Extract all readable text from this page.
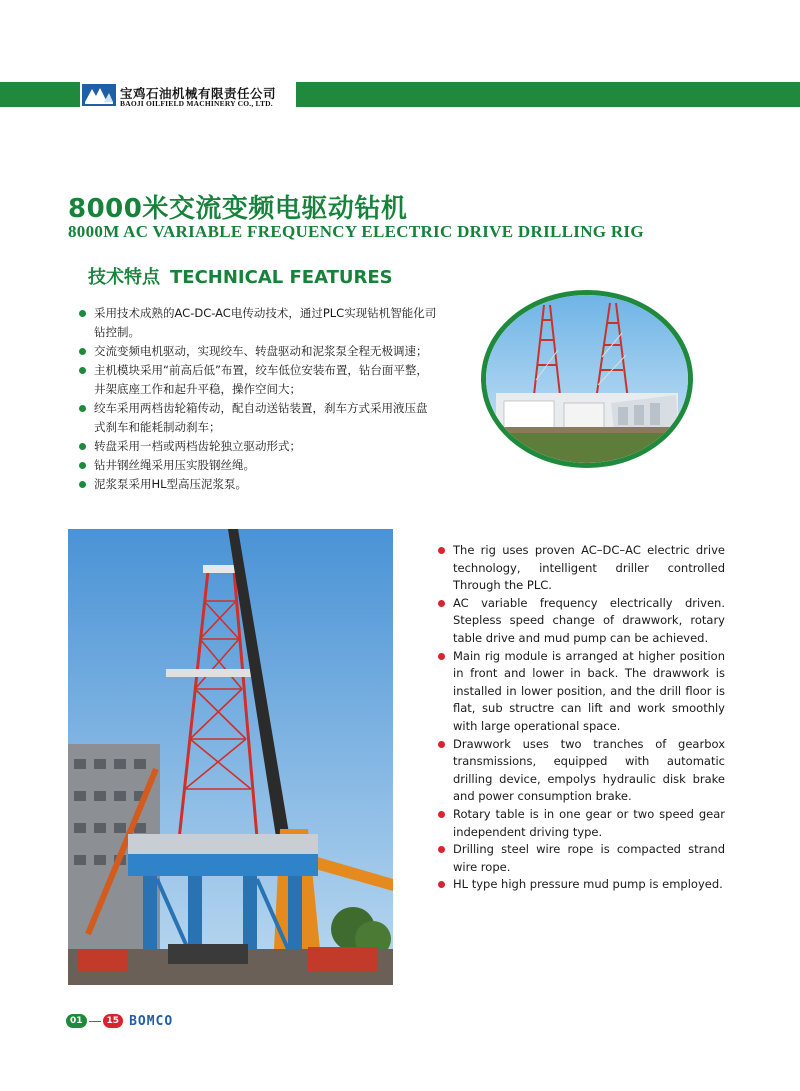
宝鸡石油机械有限责任公司
BAOJI OILFIELD MACHINERY CO., LTD.
8000米交流变频电驱动钻机
8000M AC VARIABLE FREQUENCY ELECTRIC DRIVE DRILLING RIG
技术特点 TECHNICAL FEATURES
采用技术成熟的AC-DC-AC电传动技术，通过PLC实现钻机智能化司钻控制。
交流变频电机驱动，实现绞车、转盘驱动和泥浆泵全程无极调速；
主机模块采用“前高后低”布置，绞车低位安装布置，钻台面平整，井架底座工作和起升平稳，操作空间大；
绞车采用两档齿轮箱传动，配自动送钻装置，刹车方式采用液压盘式刹车和能耗制动刹车；
转盘采用一档或两档齿轮独立驱动形式；
钻井钢丝绳采用压实股钢丝绳。
泥浆泵采用HL型高压泥浆泵。
The rig uses proven AC–DC–AC electric drive technology, intelligent driller controlled Through the PLC.
AC variable frequency electrically driven. Stepless speed change of drawwork, rotary table drive and mud pump can be achieved.
Main rig module is arranged at higher position in front and lower in back. The drawwork is installed in lower position, and the drill floor is flat, sub structre can lift and work smoothly with large operational space.
Drawwork uses two tranches of gearbox transmissions, equipped with automatic drilling device, empolys hydraulic disk brake and power consumption brake.
Rotary table is in one gear or two speed gear independent driving type.
Drilling steel wire rope is compacted strand wire rope.
HL type high pressure mud pump is employed.
01	15 BOMCO
